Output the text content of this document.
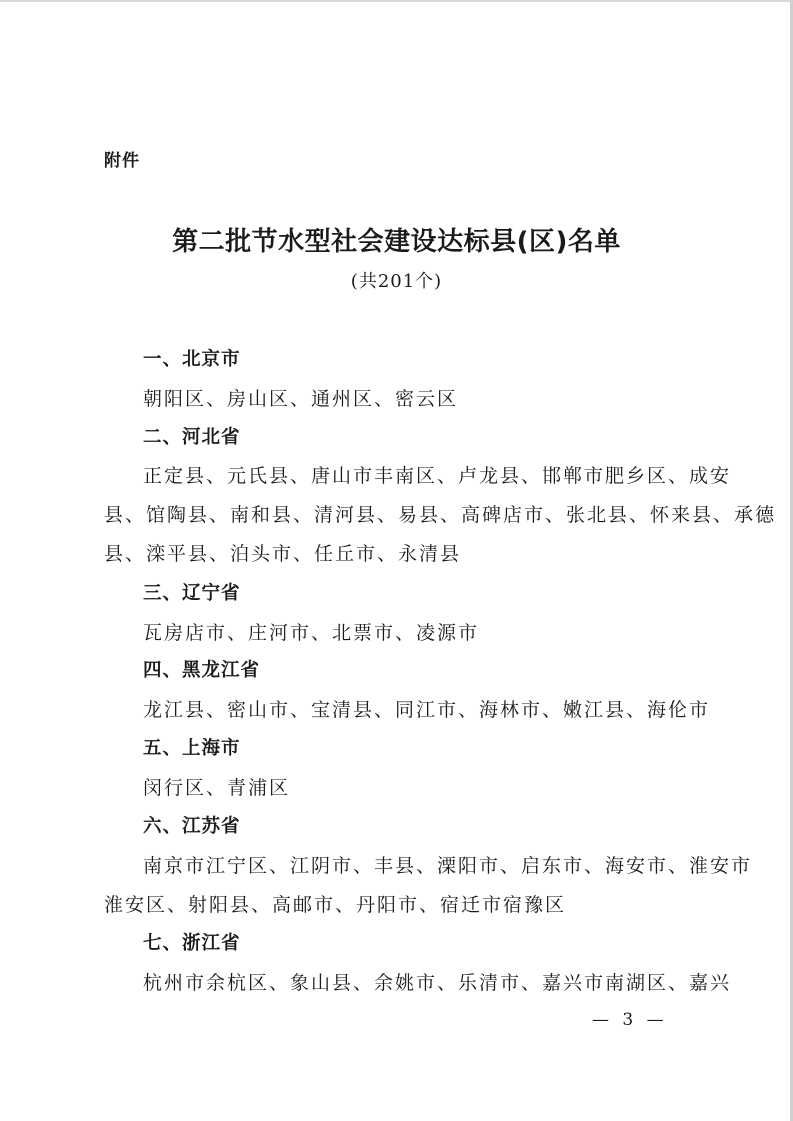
附件
第二批节水型社会建设达标县(区)名单
(共201个)
一、北京市
朝阳区、房山区、通州区、密云区
二、河北省
正定县、元氏县、唐山市丰南区、卢龙县、邯郸市肥乡区、成安
县、馆陶县、南和县、清河县、易县、高碑店市、张北县、怀来县、承德
县、滦平县、泊头市、任丘市、永清县
三、辽宁省
瓦房店市、庄河市、北票市、凌源市
四、黑龙江省
龙江县、密山市、宝清县、同江市、海林市、嫩江县、海伦市
五、上海市
闵行区、青浦区
六、江苏省
南京市江宁区、江阴市、丰县、溧阳市、启东市、海安市、淮安市
淮安区、射阳县、高邮市、丹阳市、宿迁市宿豫区
七、浙江省
杭州市余杭区、象山县、余姚市、乐清市、嘉兴市南湖区、嘉兴
— 3 —
